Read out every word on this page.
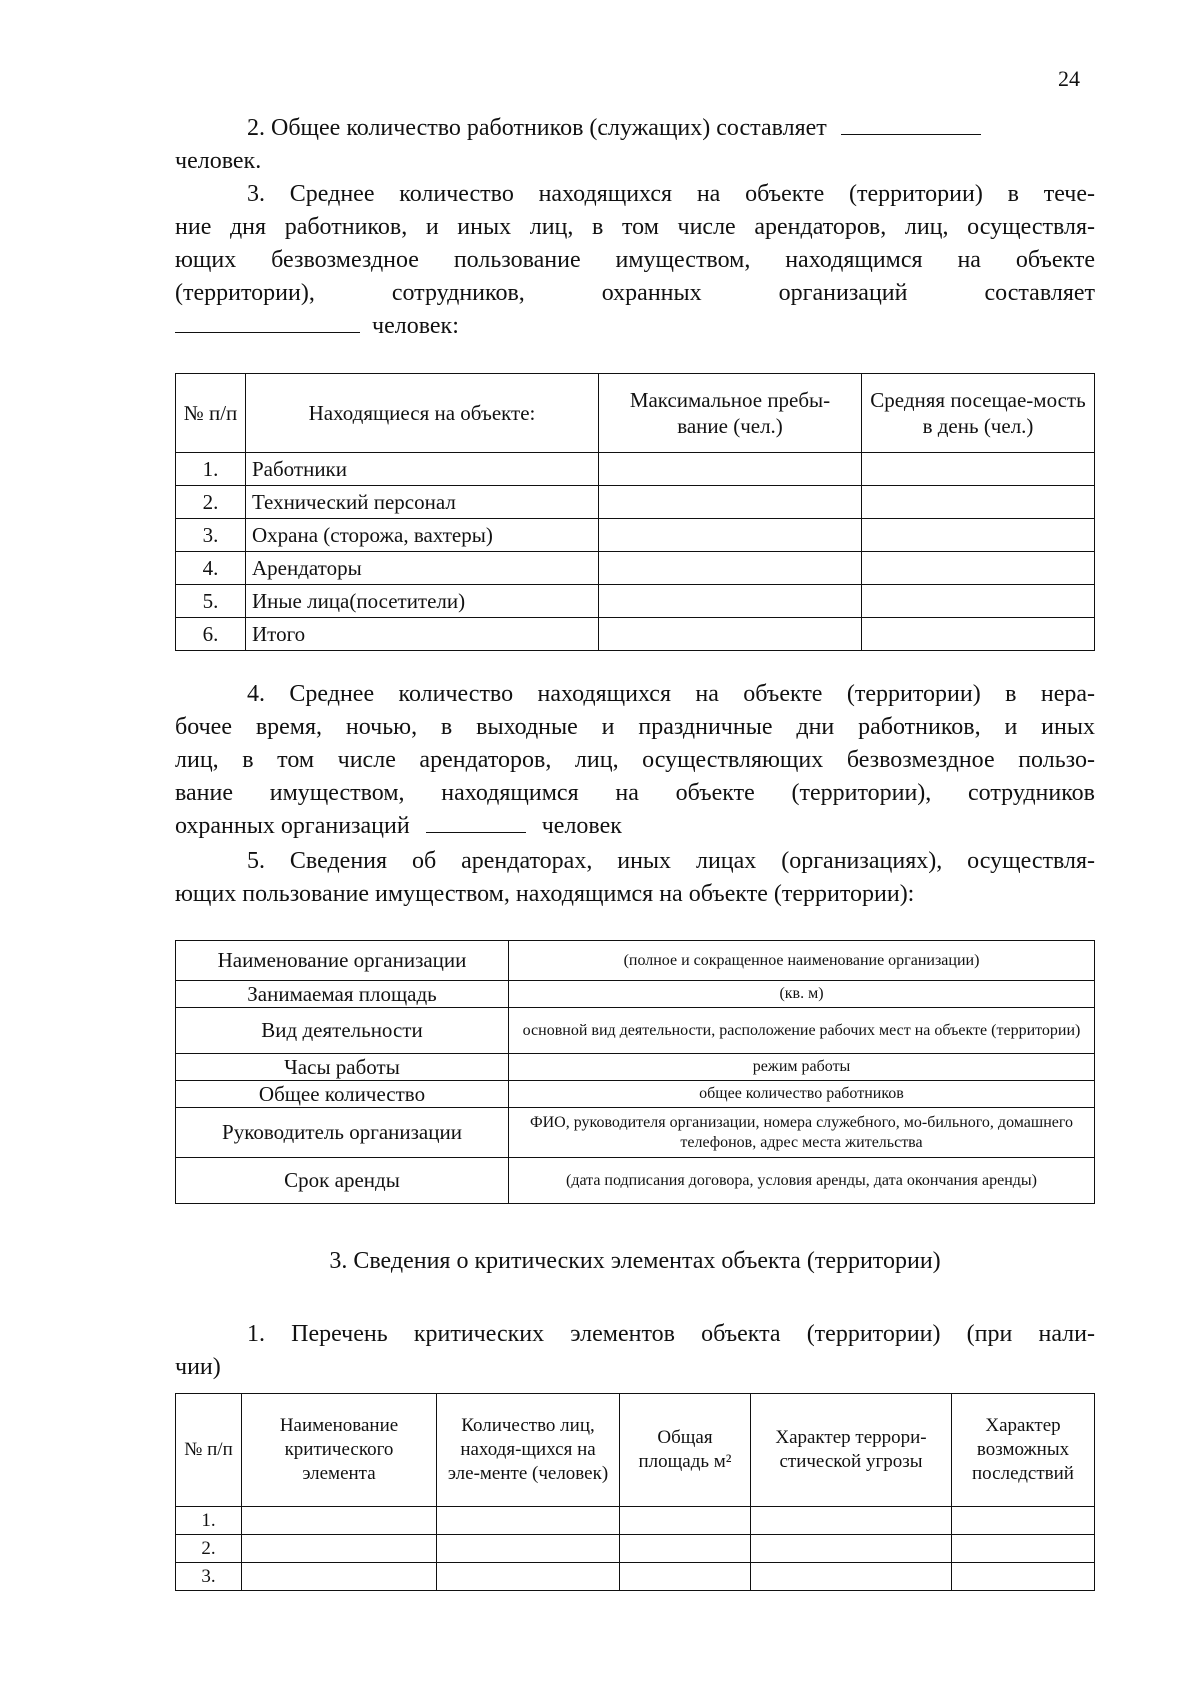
24

2. Общее количество работников (служащих) составляет
человек.

3. Среднее количество находящихся на объекте (территории) в тече-
ние дня работников, и иных лиц, в том числе арендаторов, лиц, осуществля-
ющих безвозмездное пользование имуществом, находящимся на объекте
(территории), сотрудников, охранных организаций составляет
человек:
№ п/п	Находящиеся на объекте:	Максимальное пребы-вание (чел.)	Средняя посещае-мость в день (чел.)
1.	Работники		
2.	Технический персонал		
3.	Охрана (сторожа, вахтеры)		
4.	Арендаторы		
5.	Иные лица(посетители)		
6.	Итого		
4. Среднее количество находящихся на объекте (территории) в нера-
бочее время, ночью, в выходные и праздничные дни работников, и иных
лиц, в том числе арендаторов, лиц, осуществляющих безвозмездное пользо-
вание имуществом, находящимся на объекте (территории), сотрудников
охранных организаций	человек
5. Сведения об арендаторах, иных лицах (организациях), осуществля-
ющих пользование имуществом, находящимся на объекте (территории):
Наименование организации	(полное и сокращенное наименование организации)
Занимаемая площадь	(кв. м)
Вид деятельности	основной вид деятельности, расположение рабочих мест на объекте (территории)
Часы работы	режим работы
Общее количество	общее количество работников
Руководитель организации	ФИО, руководителя организации, номера служебного, мо-бильного, домашнего телефонов, адрес места жительства
Срок аренды	(дата подписания договора, условия аренды, дата окончания аренды)
3. Сведения о критических элементах объекта (территории)
1. Перечень критических элементов объекта (территории) (при нали-
чии)
№ п/п	Наименование критического элемента	Количество лиц, находя-щихся на эле-менте (человек)	Общая площадь м²	Характер террори-стической угрозы	Характер возможных последствий
1.					
2.					
3.					
